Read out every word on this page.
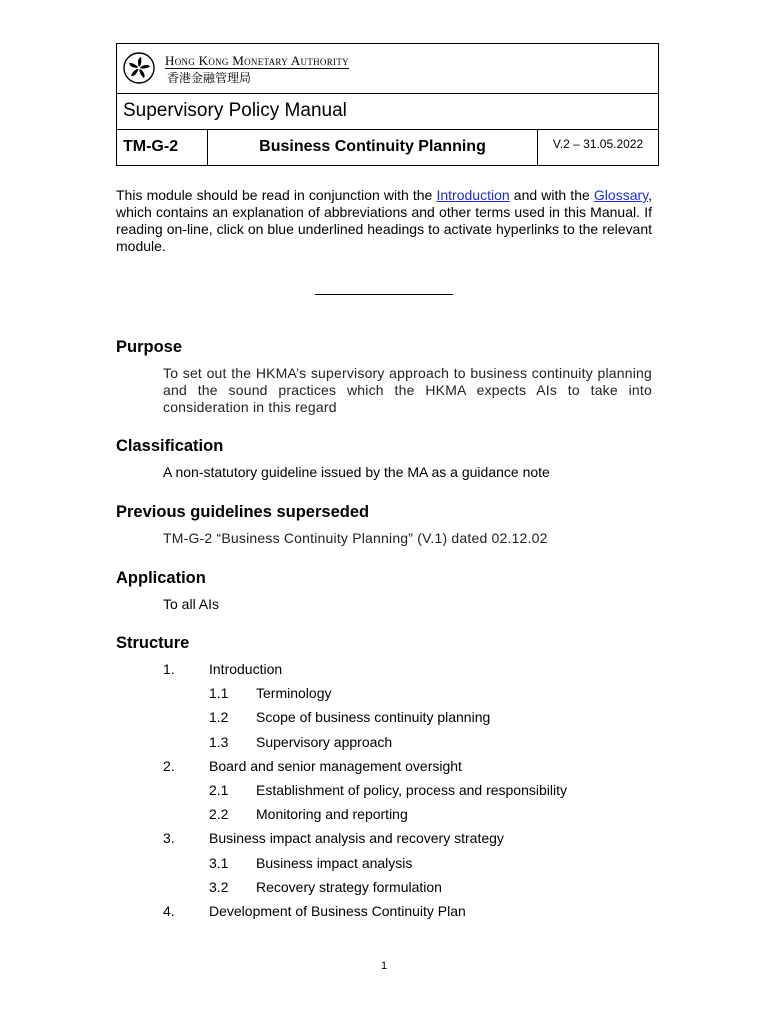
Hong Kong Monetary Authority
香港金融管理局
Supervisory Policy Manual
TM-G-2	Business Continuity Planning	V.2 – 31.05.2022
This module should be read in conjunction with the Introduction and with the Glossary, which contains an explanation of abbreviations and other terms used in this Manual. If reading on-line, click on blue underlined headings to activate hyperlinks to the relevant module.
Purpose
To set out the HKMA’s supervisory approach to business continuity planning and the sound practices which the HKMA expects AIs to take into consideration in this regard
Classification
A non-statutory guideline issued by the MA as a guidance note
Previous guidelines superseded
TM-G-2 “Business Continuity Planning” (V.1) dated 02.12.02
Application
To all AIs
Structure
1. Introduction
1.1 Terminology
1.2 Scope of business continuity planning
1.3 Supervisory approach
2. Board and senior management oversight
2.1 Establishment of policy, process and responsibility
2.2 Monitoring and reporting
3. Business impact analysis and recovery strategy
3.1 Business impact analysis
3.2 Recovery strategy formulation
4. Development of Business Continuity Plan
1
